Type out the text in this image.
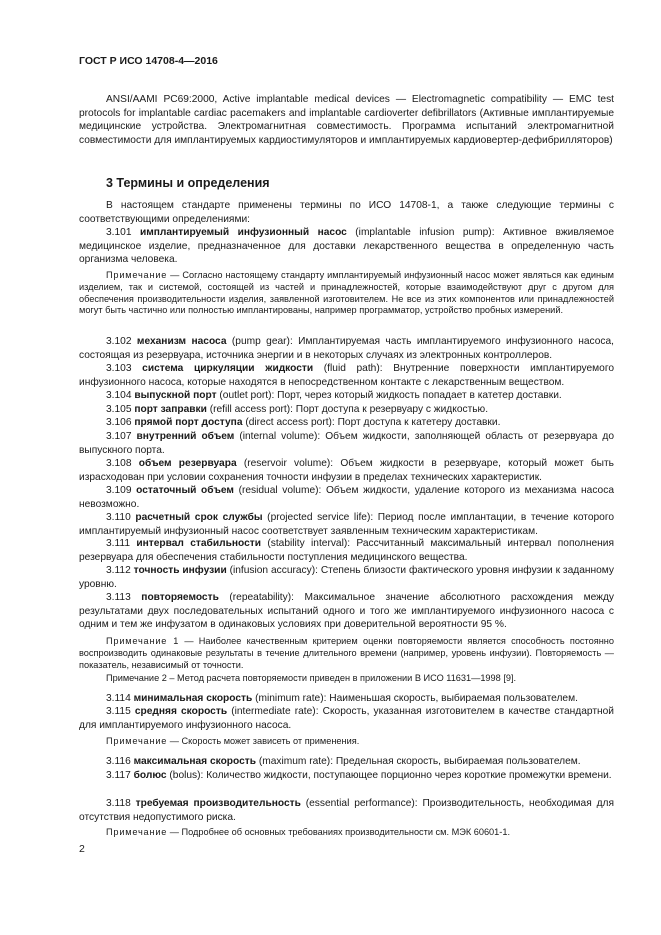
ГОСТ Р ИСО 14708-4—2016
ANSI/AAMI PC69:2000, Active implantable medical devices — Electromagnetic compatibility — EMC test protocols for implantable cardiac pacemakers and implantable cardioverter defibrillators (Активные имплантируемые медицинские устройства. Электромагнитная совместимость. Программа испытаний электромагнитной совместимости для имплантируемых кардиостимуляторов и имплантируемых кардиовертер-дефибрилляторов)
3 Термины и определения
В настоящем стандарте применены термины по ИСО 14708-1, а также следующие термины с соответствующими определениями:
3.101 имплантируемый инфузионный насос (implantable infusion pump): Активное вживляемое медицинское изделие, предназначенное для доставки лекарственного вещества в определенную часть организма человека.
Примечание — Согласно настоящему стандарту имплантируемый инфузионный насос может являться как единым изделием, так и системой, состоящей из частей и принадлежностей, которые взаимодействуют друг с другом для обеспечения производительности изделия, заявленной изготовителем. Не все из этих компонентов или принадлежностей могут быть частично или полностью имплантированы, например программатор, устройство пробных измерений.
3.102 механизм насоса (pump gear): Имплантируемая часть имплантируемого инфузионного насоса, состоящая из резервуара, источника энергии и в некоторых случаях из электронных контроллеров.
3.103 система циркуляции жидкости (fluid path): Внутренние поверхности имплантируемого инфузионного насоса, которые находятся в непосредственном контакте с лекарственным веществом.
3.104 выпускной порт (outlet port): Порт, через который жидкость попадает в катетер доставки.
3.105 порт заправки (refill access port): Порт доступа к резервуару с жидкостью.
3.106 прямой порт доступа (direct access port): Порт доступа к катетеру доставки.
3.107 внутренний объем (internal volume): Объем жидкости, заполняющей область от резервуара до выпускного порта.
3.108 объем резервуара (reservoir volume): Объем жидкости в резервуаре, который может быть израсходован при условии сохранения точности инфузии в пределах технических характеристик.
3.109 остаточный объем (residual volume): Объем жидкости, удаление которого из механизма насоса невозможно.
3.110 расчетный срок службы (projected service life): Период после имплантации, в течение которого имплантируемый инфузионный насос соответствует заявленным техническим характеристикам.
3.111 интервал стабильности (stability interval): Рассчитанный максимальный интервал пополнения резервуара для обеспечения стабильности поступления медицинского вещества.
3.112 точность инфузии (infusion accuracy): Степень близости фактического уровня инфузии к заданному уровню.
3.113 повторяемость (repeatability): Максимальное значение абсолютного расхождения между результатами двух последовательных испытаний одного и того же имплантируемого инфузионного насоса с одним и тем же инфузатом в одинаковых условиях при доверительной вероятности 95 %.
Примечание 1 — Наиболее качественным критерием оценки повторяемости является способность постоянно воспроизводить одинаковые результаты в течение длительного времени (например, уровень инфузии). Повторяемость — показатель, независимый от точности.
Примечание 2 – Метод расчета повторяемости приведен в приложении В ИСО 11631—1998 [9].
3.114 минимальная скорость (minimum rate): Наименьшая скорость, выбираемая пользователем.
3.115 средняя скорость (intermediate rate): Скорость, указанная изготовителем в качестве стандартной для имплантируемого инфузионного насоса.
Примечание — Скорость может зависеть от применения.
3.116 максимальная скорость (maximum rate): Предельная скорость, выбираемая пользователем.
3.117 болюс (bolus): Количество жидкости, поступающее порционно через короткие промежутки времени.
3.118 требуемая производительность (essential performance): Производительность, необходимая для отсутствия недопустимого риска.
Примечание — Подробнее об основных требованиях производительности см. МЭК 60601-1.
2
